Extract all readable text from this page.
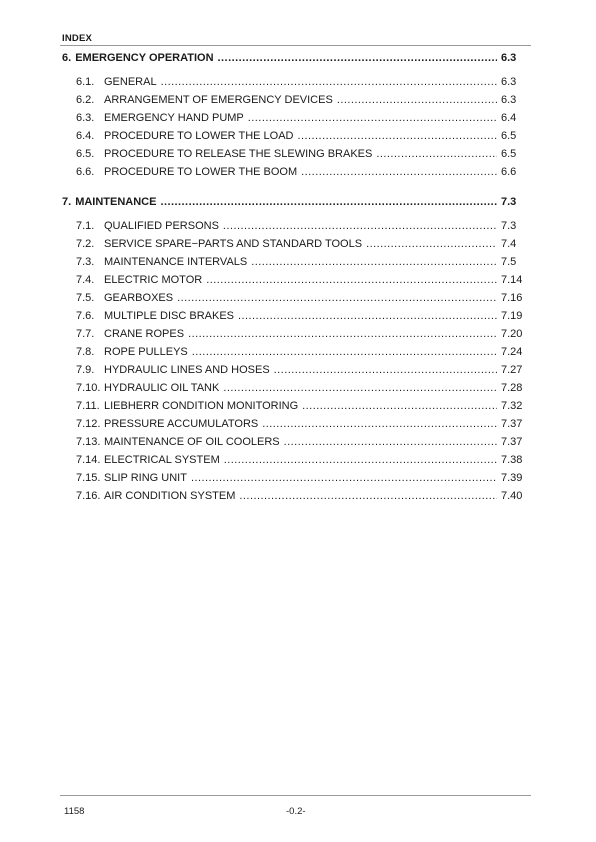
INDEX
6. EMERGENCY OPERATION . . .	6.3
6.1. GENERAL . . .	6.3
6.2. ARRANGEMENT OF EMERGENCY DEVICES . . .	6.3
6.3. EMERGENCY HAND PUMP . . .	6.4
6.4. PROCEDURE TO LOWER THE LOAD . . .	6.5
6.5. PROCEDURE TO RELEASE THE SLEWING BRAKES . . .	6.5
6.6. PROCEDURE TO LOWER THE BOOM . . .	6.6
7. MAINTENANCE . . .	7.3
7.1. QUALIFIED PERSONS . . .	7.3
7.2. SERVICE SPARE−PARTS AND STANDARD TOOLS . . .	7.4
7.3. MAINTENANCE INTERVALS . . .	7.5
7.4. ELECTRIC MOTOR . . .	7.14
7.5. GEARBOXES . . .	7.16
7.6. MULTIPLE DISC BRAKES . . .	7.19
7.7. CRANE ROPES . . .	7.20
7.8. ROPE PULLEYS . . .	7.24
7.9. HYDRAULIC LINES AND HOSES . . .	7.27
7.10. HYDRAULIC OIL TANK . . .	7.28
7.11. LIEBHERR CONDITION MONITORING . . .	7.32
7.12. PRESSURE ACCUMULATORS . . .	7.37
7.13. MAINTENANCE OF OIL COOLERS . . .	7.37
7.14. ELECTRICAL SYSTEM . . .	7.38
7.15. SLIP RING UNIT . . .	7.39
7.16. AIR CONDITION SYSTEM . . .	7.40
1158	-0.2-
